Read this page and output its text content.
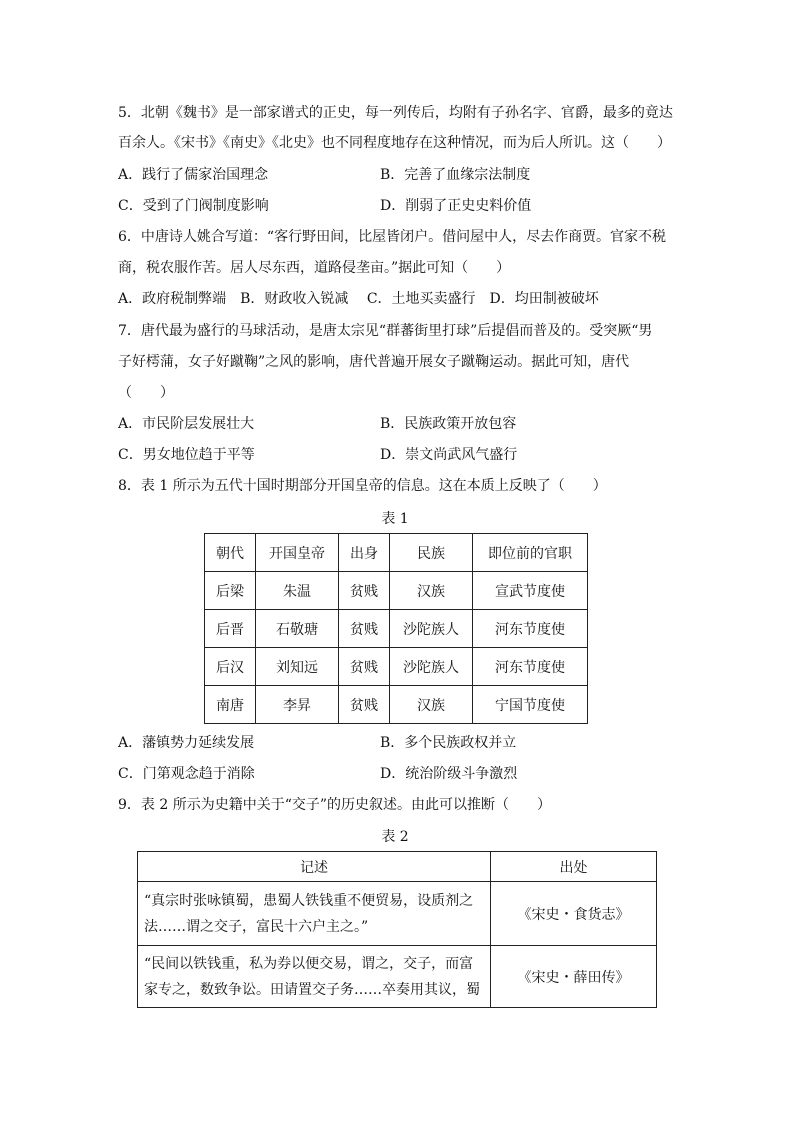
5．北朝《魏书》是一部家谱式的正史，每一列传后，均附有子孙名字、官爵，最多的竟达
百余人。《宋书》《南史》《北史》也不同程度地存在这种情况，而为后人所讥。这（　　）
A．践行了儒家治国理念	B．完善了血缘宗法制度
C．受到了门阀制度影响	D．削弱了正史史料价值
6．中唐诗人姚合写道：“客行野田间，比屋皆闭户。借问屋中人，尽去作商贾。官家不税
商，税农服作苦。居人尽东西，道路侵垄亩。”据此可知（　　）
A．政府税制弊端　B．财政收入锐减　 C．土地买卖盛行　D．均田制被破坏
7．唐代最为盛行的马球活动，是唐太宗见“群蕃街里打球”后提倡而普及的。受突厥“男
子好樗蒲，女子好蹴鞠”之风的影响，唐代普遍开展女子蹴鞠运动。据此可知，唐代
（　　）
A．市民阶层发展壮大	B．民族政策开放包容
C．男女地位趋于平等	D．崇文尚武风气盛行
8．表 1 所示为五代十国时期部分开国皇帝的信息。这在本质上反映了（　　）
表 1
朝代	开国皇帝	出身	民族	即位前的官职
后梁	朱温	贫贱	汉族	宣武节度使
后晋	石敬瑭	贫贱	沙陀族人	河东节度使
后汉	刘知远	贫贱	沙陀族人	河东节度使
南唐	李昇	贫贱	汉族	宁国节度使
A．藩镇势力延续发展	B．多个民族政权并立
C．门第观念趋于消除	D．统治阶级斗争激烈
9．表 2 所示为史籍中关于“交子”的历史叙述。由此可以推断（　　）
表 2
记述	出处

“真宗时张咏镇蜀，患蜀人铁钱重不便贸易，设质剂之
法……谓之交子，富民十六户主之。”	《宋史・食货志》

“民间以铁钱重，私为券以便交易，谓之，交子，而富
家专之，数致争讼。田请置交子务……卒奏用其议，蜀	《宋史・薛田传》
